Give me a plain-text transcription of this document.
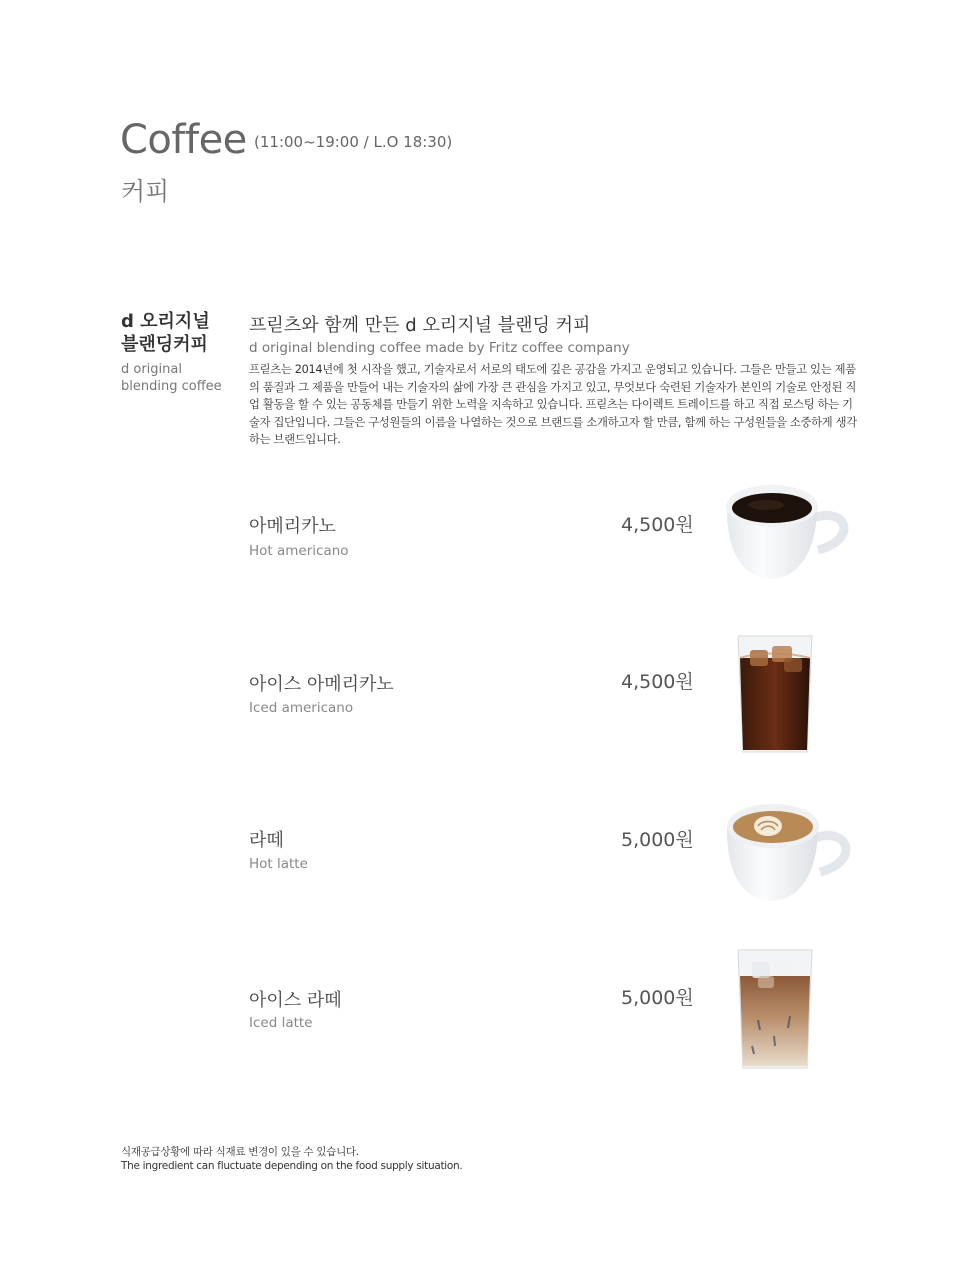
Coffee (11:00~19:00 / L.O 18:30)
커피
d 오리지널 블랜딩커피
d original blending coffee
프릳츠와 함께 만든 d 오리지널 블랜딩 커피
d original blending coffee made by Fritz coffee company
프릳츠는 2014년에 첫 시작을 했고, 기술자로서 서로의 태도에 깊은 공감을 가지고 운영되고 있습니다. 그들은 만들고 있는 제품의 품질과 그 제품을 만들어 내는 기술자의 삶에 가장 큰 관심을 가지고 있고, 무엇보다 숙련된 기술자가 본인의 기술로 안정된 직업 활동을 할 수 있는 공동체를 만들기 위한 노력을 지속하고 있습니다. 프릳츠는 다이렉트 트레이드를 하고 직접 로스팅 하는 기술자 집단입니다. 그들은 구성원들의 이름을 나열하는 것으로 브랜드를 소개하고자 할 만큼, 함께 하는 구성원들을 소중하게 생각하는 브랜드입니다.
아메리카노
Hot americano
4,500원
아이스 아메리카노
Iced americano
4,500원
라떼
Hot latte
5,000원
아이스 라떼
Iced latte
5,000원
식재공급상황에 따라 식재료 변경이 있을 수 있습니다.
The ingredient can fluctuate depending on the food supply situation.
